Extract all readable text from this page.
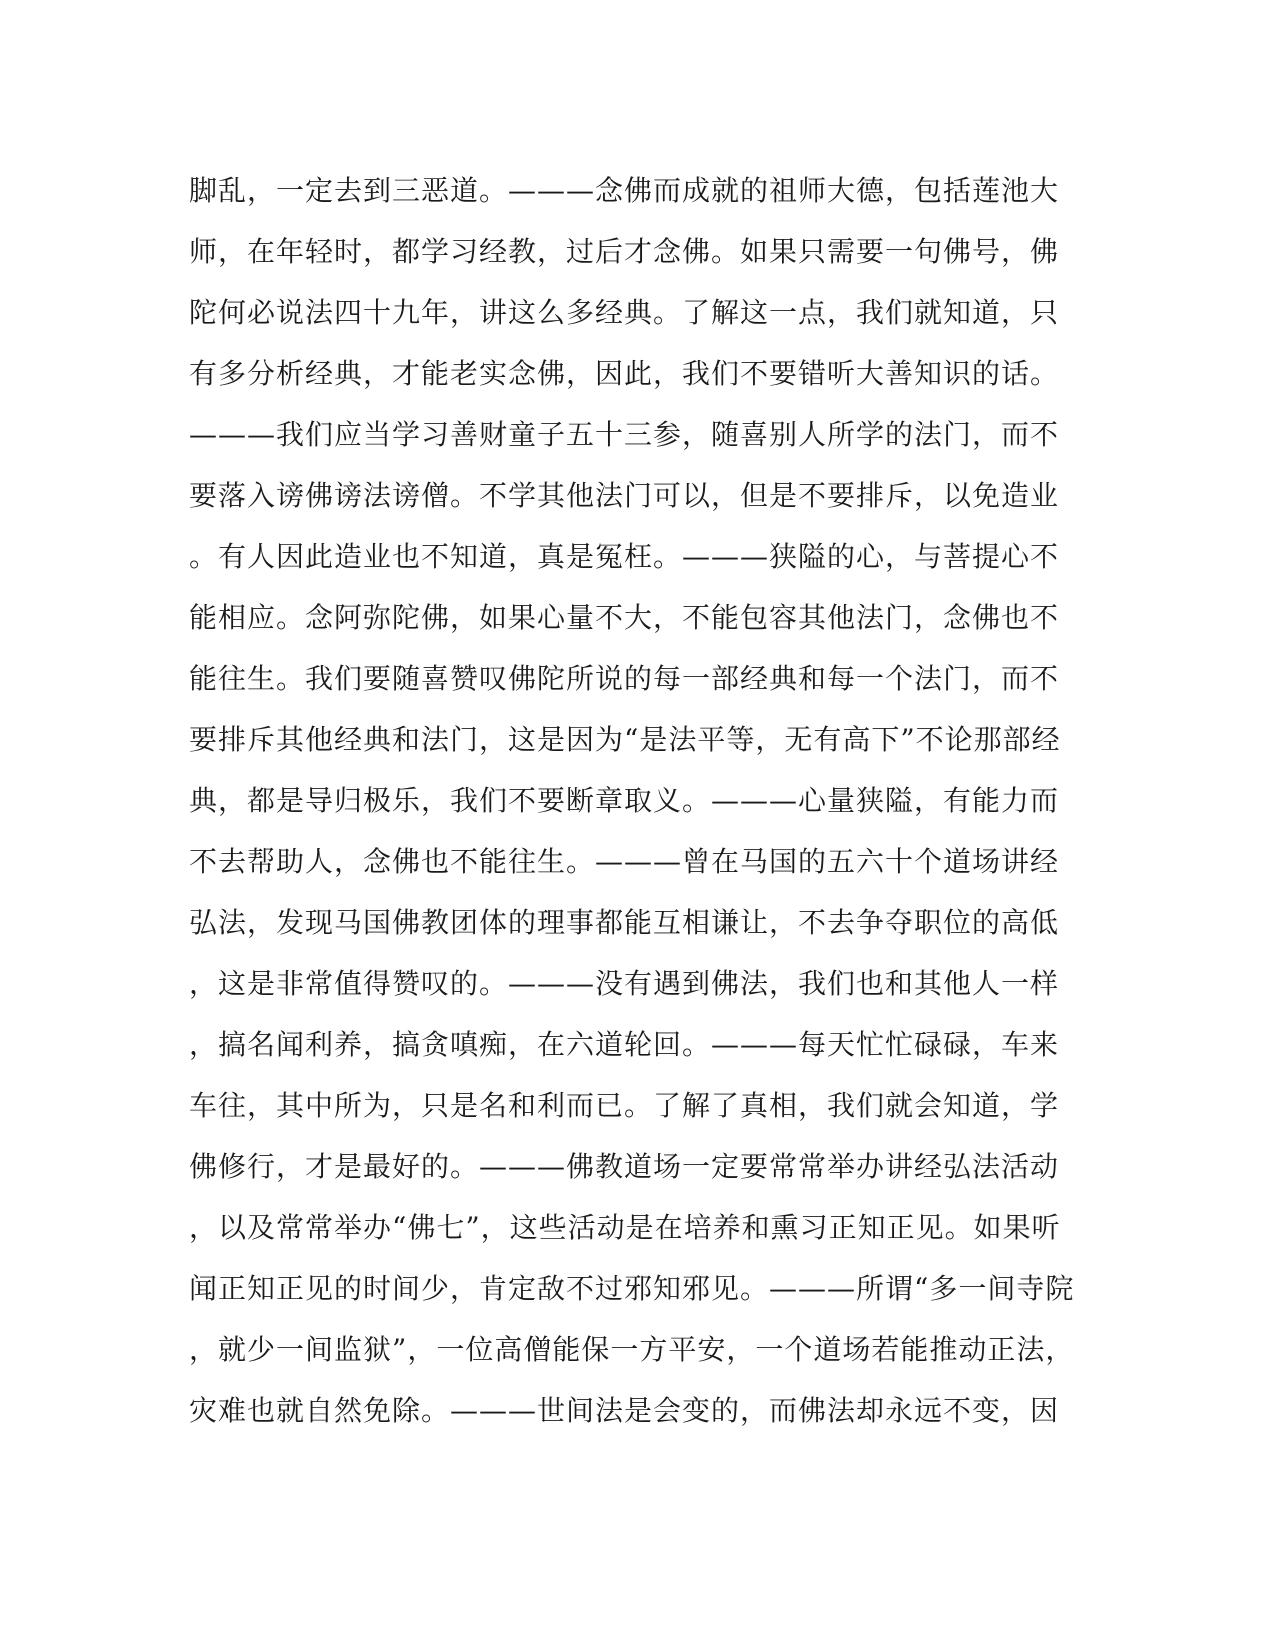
脚乱，一定去到三恶道。———念佛而成就的祖师大德，包括莲池大
师，在年轻时，都学习经教，过后才念佛。如果只需要一句佛号，佛
陀何必说法四十九年，讲这么多经典。了解这一点，我们就知道，只
有多分析经典，才能老实念佛，因此，我们不要错听大善知识的话。
———我们应当学习善财童子五十三参，随喜别人所学的法门，而不
要落入谤佛谤法谤僧。不学其他法门可以，但是不要排斥，以免造业
。有人因此造业也不知道，真是冤枉。———狭隘的心，与菩提心不
能相应。念阿弥陀佛，如果心量不大，不能包容其他法门，念佛也不
能往生。我们要随喜赞叹佛陀所说的每一部经典和每一个法门，而不
要排斥其他经典和法门，这是因为“是法平等，无有高下”不论那部经
典，都是导归极乐，我们不要断章取义。———心量狭隘，有能力而
不去帮助人，念佛也不能往生。———曾在马国的五六十个道场讲经
弘法，发现马国佛教团体的理事都能互相谦让，不去争夺职位的高低
，这是非常值得赞叹的。———没有遇到佛法，我们也和其他人一样
，搞名闻利养，搞贪嗔痴，在六道轮回。———每天忙忙碌碌，车来
车往，其中所为，只是名和利而已。了解了真相，我们就会知道，学
佛修行，才是最好的。———佛教道场一定要常常举办讲经弘法活动
，以及常常举办“佛七”，这些活动是在培养和熏习正知正见。如果听
闻正知正见的时间少，肯定敌不过邪知邪见。———所谓“多一间寺院
，就少一间监狱”，一位高僧能保一方平安，一个道场若能推动正法，
灾难也就自然免除。———世间法是会变的，而佛法却永远不变，因
